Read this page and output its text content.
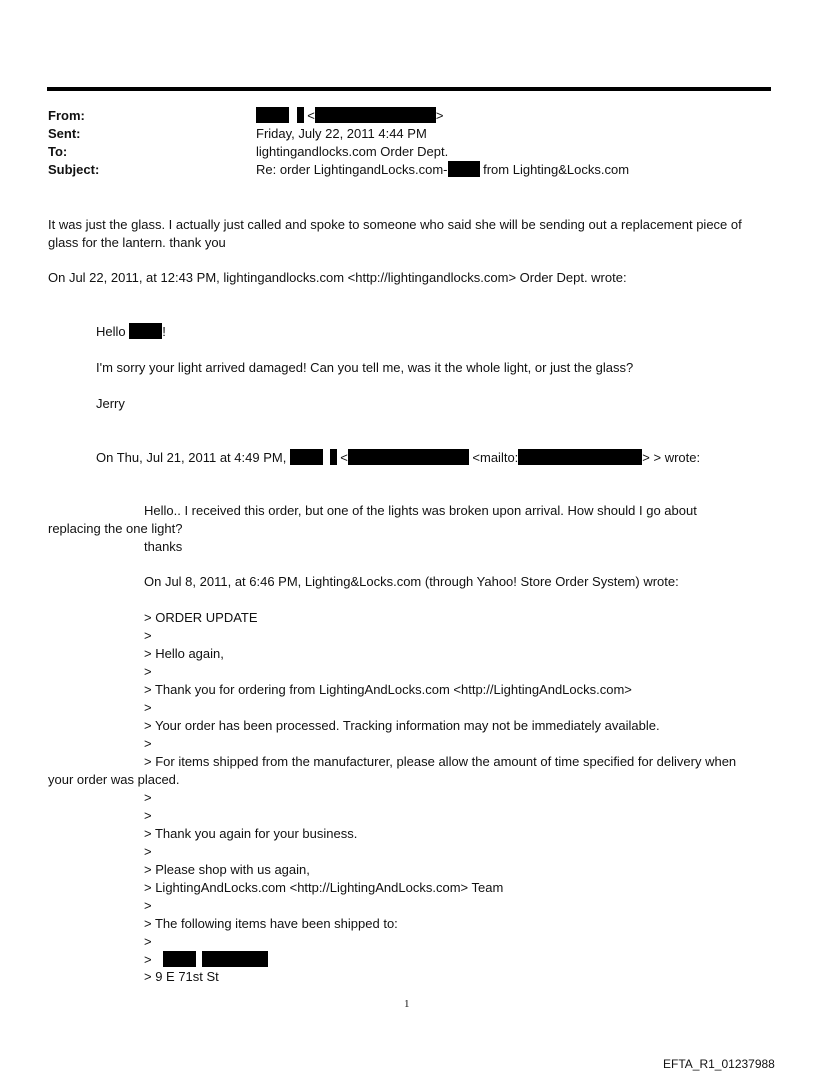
From:	<	>
Sent:	Friday, July 22, 2011 4:44 PM
To:	lightingandlocks.com Order Dept.
Subject:	Re: order LightingandLocks.com- from Lighting&Locks.com
It was just the glass. I actually just called and spoke to someone who said she will be sending out a replacement piece of
glass for the lantern. thank you
On Jul 22, 2011, at 12:43 PM, lightingandlocks.com <http://lightingandlocks.com> Order Dept. wrote:
Hello	!
I'm sorry your light arrived damaged! Can you tell me, was it the whole light, or just the glass?
Jerry
On Thu, Jul 21, 2011 at 4:49 PM,	<	<mailto:	> > wrote:
Hello.. I received this order, but one of the lights was broken upon arrival. How should I go about
replacing the one light?
thanks
On Jul 8, 2011, at 6:46 PM, Lighting&Locks.com (through Yahoo! Store Order System) wrote:
> ORDER UPDATE
>
> Hello again,
>
> Thank you for ordering from LightingAndLocks.com <http://LightingAndLocks.com>
>
> Your order has been processed. Tracking information may not be immediately available.
>
> For items shipped from the manufacturer, please allow the amount of time specified for delivery when
your order was placed.
>
>
> Thank you again for your business.
>
> Please shop with us again,
> LightingAndLocks.com <http://LightingAndLocks.com> Team
>
> The following items have been shipped to:
>
>
> 9 E 71st St
1
EFTA_R1_01237988
